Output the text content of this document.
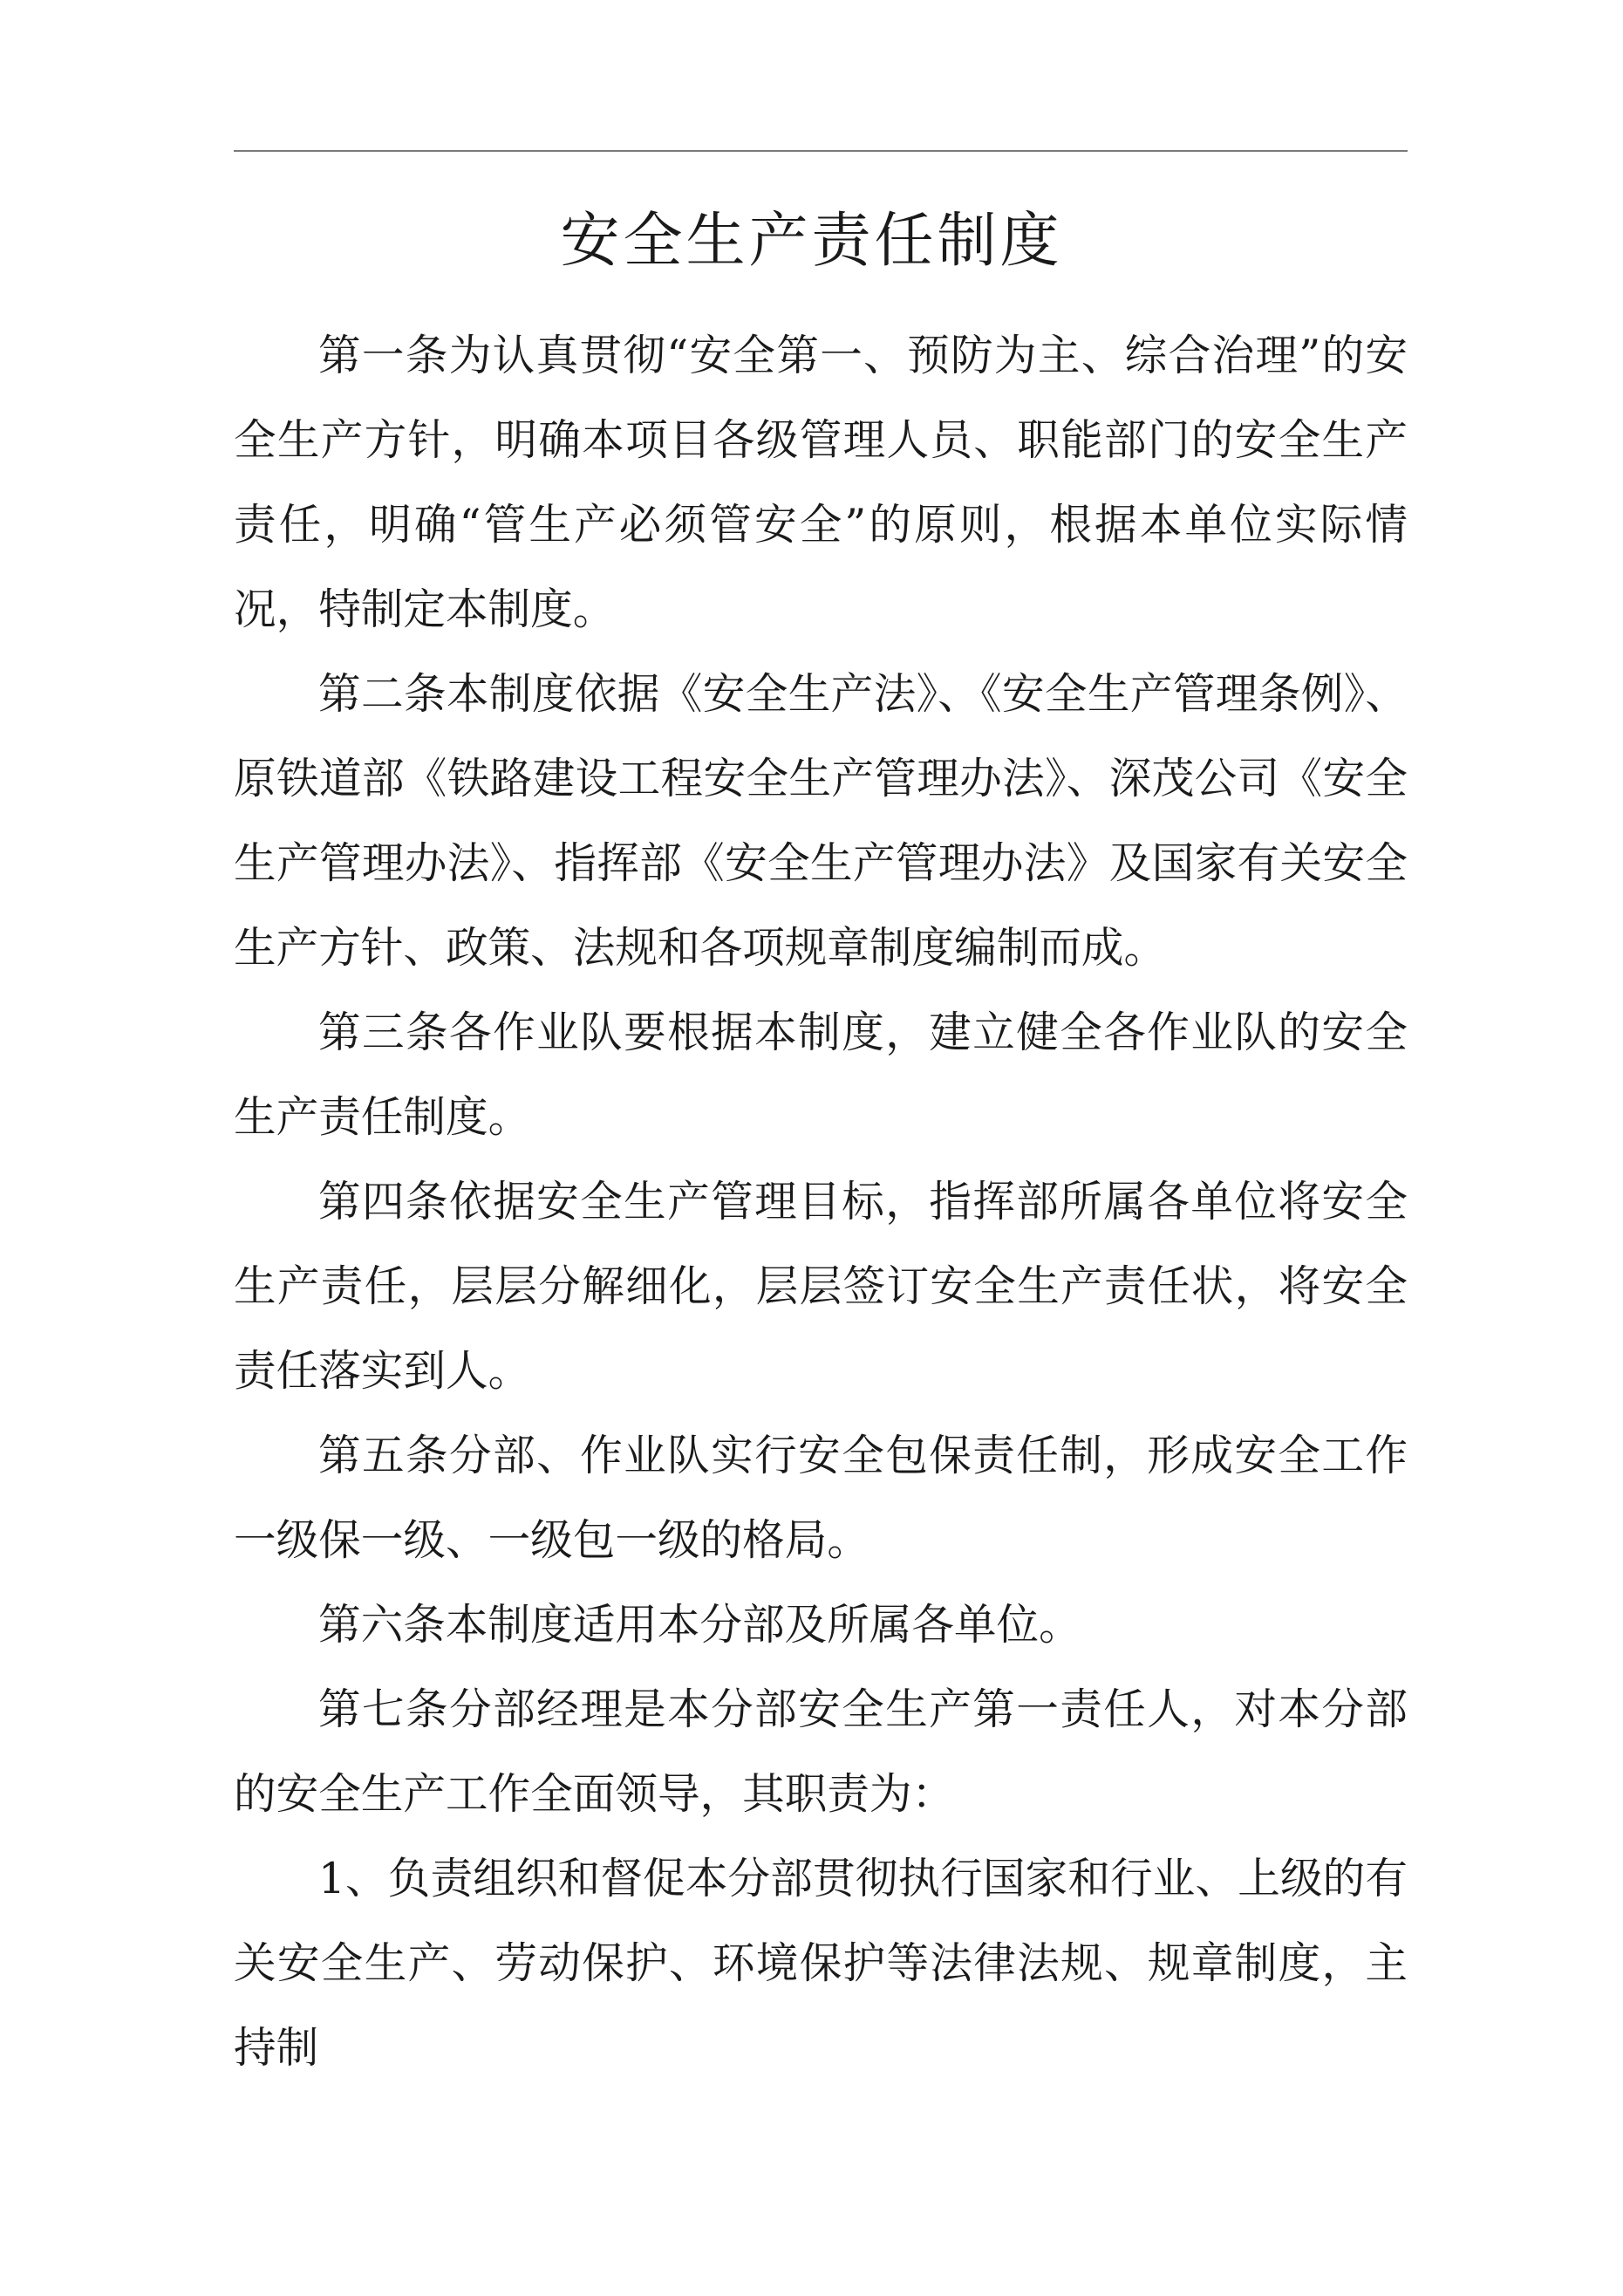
安全生产责任制度

第一条为认真贯彻“安全第一、预防为主、综合治理”的安全生产方针，明确本项目各级管理人员、职能部门的安全生产责任，明确“管生产必须管安全”的原则，根据本单位实际情况，特制定本制度。

第二条本制度依据《安全生产法》、《安全生产管理条例》、原铁道部《铁路建设工程安全生产管理办法》、深茂公司《安全生产管理办法》、指挥部《安全生产管理办法》及国家有关安全生产方针、政策、法规和各项规章制度编制而成。

第三条各作业队要根据本制度，建立健全各作业队的安全生产责任制度。

第四条依据安全生产管理目标，指挥部所属各单位将安全生产责任，层层分解细化，层层签订安全生产责任状，将安全责任落实到人。

第五条分部、作业队实行安全包保责任制，形成安全工作一级保一级、一级包一级的格局。

第六条本制度适用本分部及所属各单位。

第七条分部经理是本分部安全生产第一责任人，对本分部的安全生产工作全面领导，其职责为：

1、负责组织和督促本分部贯彻执行国家和行业、上级的有关安全生产、劳动保护、环境保护等法律法规、规章制度，主持制
